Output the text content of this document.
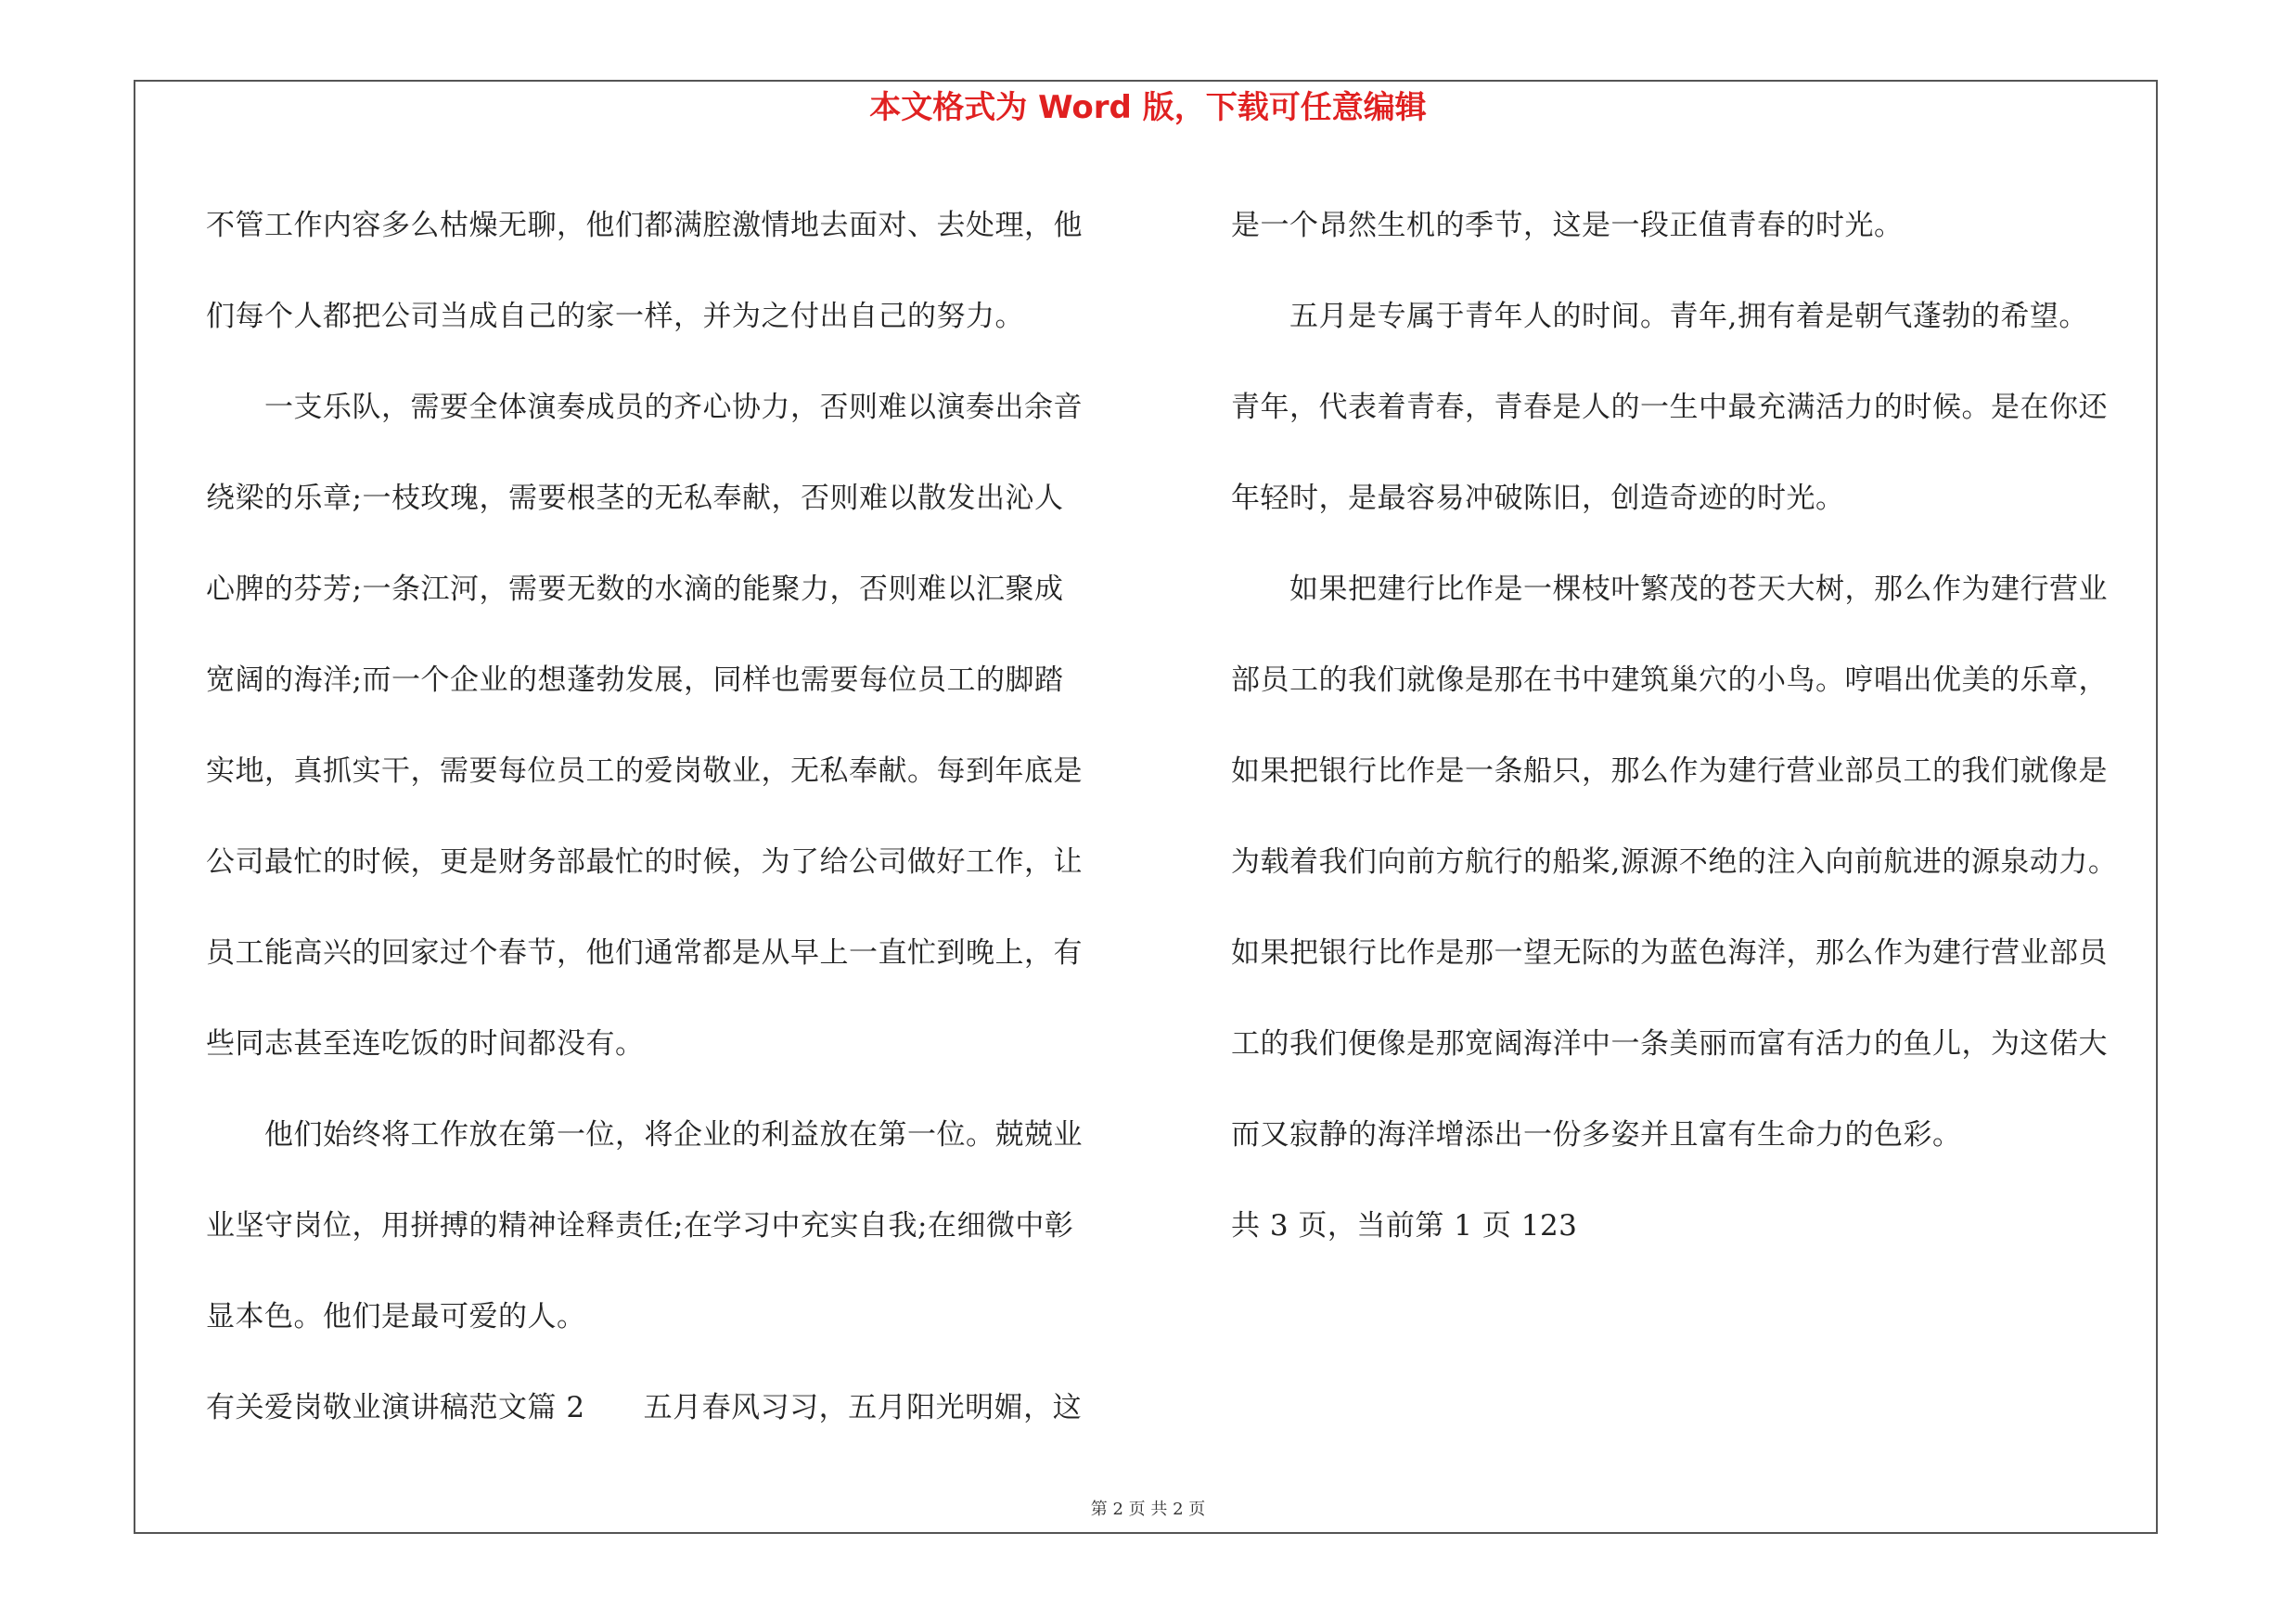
本文格式为 Word 版，下载可任意编辑
不管工作内容多么枯燥无聊，他们都满腔激情地去面对、去处理，他
们每个人都把公司当成自己的家一样，并为之付出自己的努力。
　　一支乐队，需要全体演奏成员的齐心协力，否则难以演奏出余音
绕梁的乐章;一枝玫瑰，需要根茎的无私奉献，否则难以散发出沁人
心脾的芬芳;一条江河，需要无数的水滴的能聚力，否则难以汇聚成
宽阔的海洋;而一个企业的想蓬勃发展，同样也需要每位员工的脚踏
实地，真抓实干，需要每位员工的爱岗敬业，无私奉献。每到年底是
公司最忙的时候，更是财务部最忙的时候，为了给公司做好工作，让
员工能高兴的回家过个春节，他们通常都是从早上一直忙到晚上，有
些同志甚至连吃饭的时间都没有。
　　他们始终将工作放在第一位，将企业的利益放在第一位。兢兢业
业坚守岗位，用拼搏的精神诠释责任;在学习中充实自我;在细微中彰
显本色。他们是最可爱的人。
有关爱岗敬业演讲稿范文篇 2　　五月春风习习，五月阳光明媚，这
是一个昂然生机的季节，这是一段正值青春的时光。
　　五月是专属于青年人的时间。青年,拥有着是朝气蓬勃的希望。
青年，代表着青春，青春是人的一生中最充满活力的时候。是在你还
年轻时，是最容易冲破陈旧，创造奇迹的时光。
　　如果把建行比作是一棵枝叶繁茂的苍天大树，那么作为建行营业
部员工的我们就像是那在书中建筑巢穴的小鸟。哼唱出优美的乐章，
如果把银行比作是一条船只，那么作为建行营业部员工的我们就像是
为载着我们向前方航行的船桨,源源不绝的注入向前航进的源泉动力。
如果把银行比作是那一望无际的为蓝色海洋，那么作为建行营业部员
工的我们便像是那宽阔海洋中一条美丽而富有活力的鱼儿，为这偌大
而又寂静的海洋增添出一份多姿并且富有生命力的色彩。
共 3 页，当前第 1 页 123
第 2 页 共 2 页
